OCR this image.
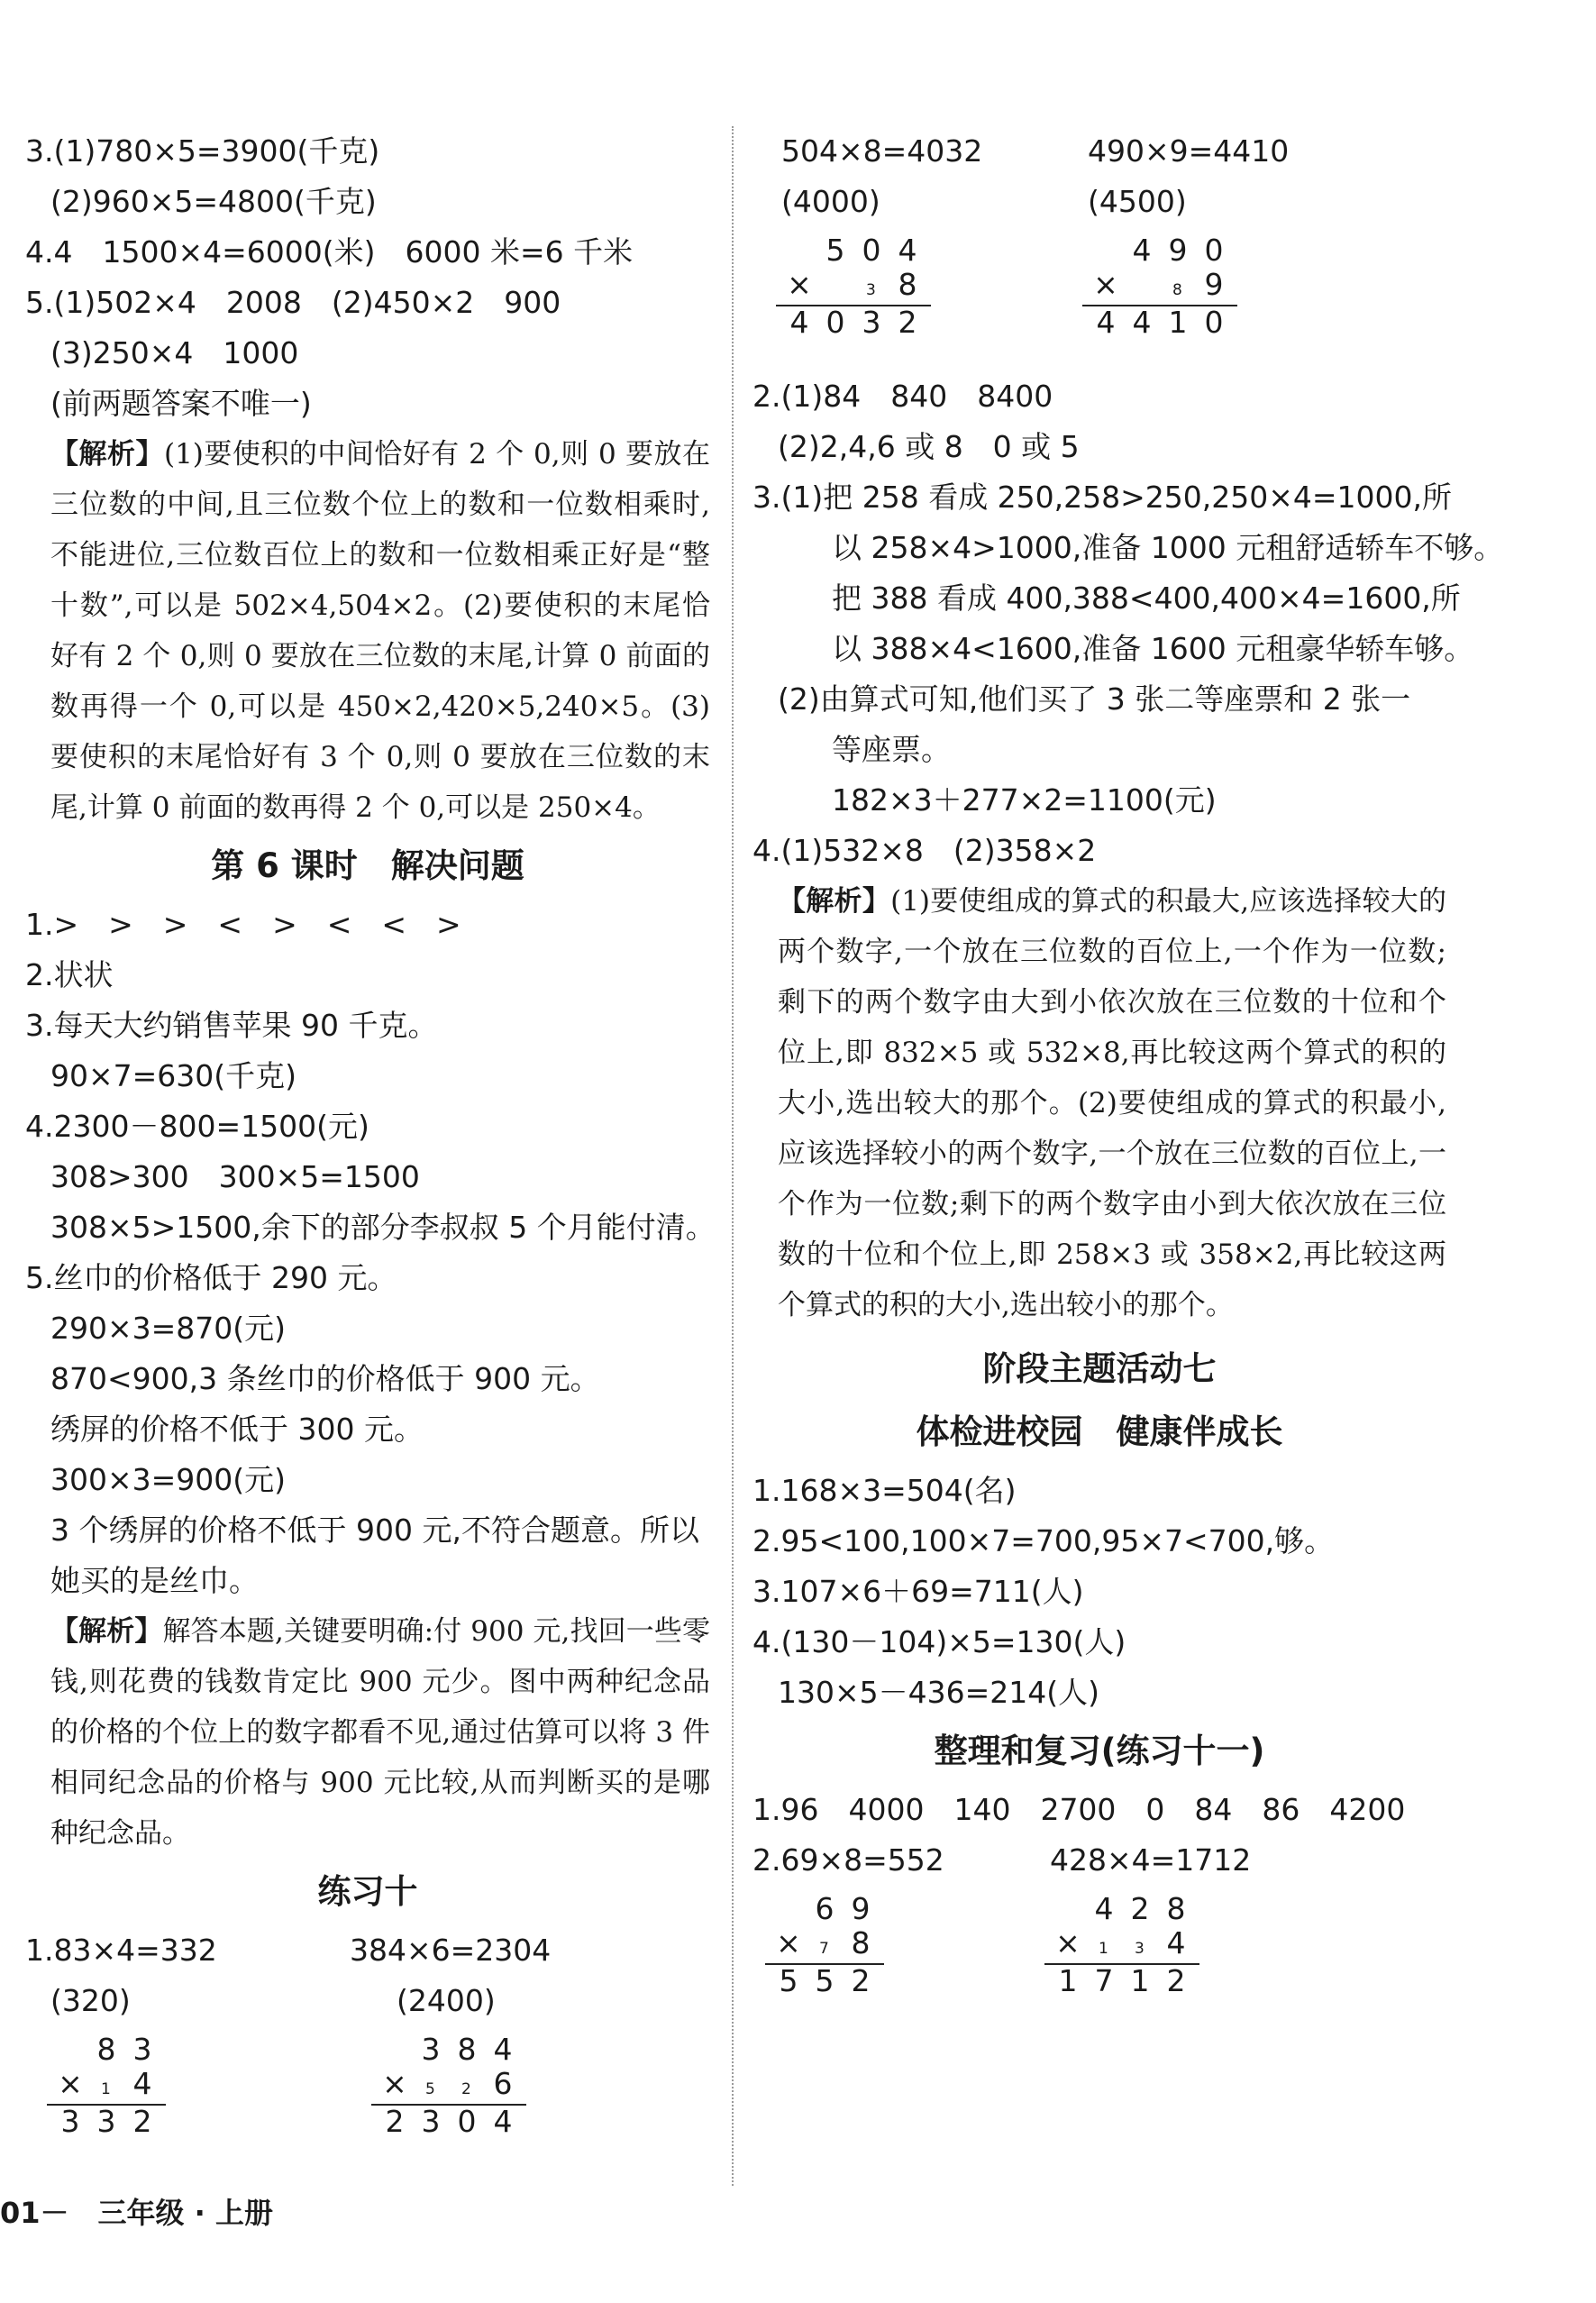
3.(1)780×5=3900(千克)
(2)960×5=4800(千克)
4.4　1500×4=6000(米)　6000 米=6 千米
5.(1)502×4　2008　(2)450×2　900
(3)250×4　1000
(前两题答案不唯一)
【解析】(1)要使积的中间恰好有 2 个 0,则 0 要放在三位数的中间,且三位数个位上的数和一位数相乘时,不能进位,三位数百位上的数和一位数相乘正好是“整十数”,可以是 502×4,504×2。(2)要使积的末尾恰好有 2 个 0,则 0 要放在三位数的末尾,计算 0 前面的数再得一个 0,可以是 450×2,420×5,240×5。(3)要使积的末尾恰好有 3 个 0,则 0 要放在三位数的末尾,计算 0 前面的数再得 2 个 0,可以是 250×4。
第 6 课时　解决问题
1.>　>　>　<　>　<　<　>
2.状状
3.每天大约销售苹果 90 千克。
90×7=630(千克)
4.2300－800=1500(元)
308>300　300×5=1500
308×5>1500,余下的部分李叔叔 5 个月能付清。
5.丝巾的价格低于 290 元。
290×3=870(元)
870<900,3 条丝巾的价格低于 900 元。
绣屏的价格不低于 300 元。
300×3=900(元)
3 个绣屏的价格不低于 900 元,不符合题意。所以
她买的是丝巾。
【解析】解答本题,关键要明确:付 900 元,找回一些零钱,则花费的钱数肯定比 900 元少。图中两种纪念品的价格的个位上的数字都看不见,通过估算可以将 3 件相同纪念品的价格与 900 元比较,从而判断买的是哪种纪念品。
练习十
1.83×4=332	384×6=2304
(320)	(2400)
8 3
×	1 4
3 3 2
3 8 4
×	5 2 6
2 3 0 4
504×8=4032	490×9=4410
(4000)	(4500)
5 0 4
×	3 8
4 0 3 2
4 9 0
×	8 9
4 4 1 0
2.(1)84　840　8400
(2)2,4,6 或 8　0 或 5
3.(1)把 258 看成 250,258>250,250×4=1000,所
以 258×4>1000,准备 1000 元租舒适轿车不够。
把 388 看成 400,388<400,400×4=1600,所
以 388×4<1600,准备 1600 元租豪华轿车够。
(2)由算式可知,他们买了 3 张二等座票和 2 张一
等座票。
182×3＋277×2=1100(元)
4.(1)532×8　(2)358×2
【解析】(1)要使组成的算式的积最大,应该选择较大的两个数字,一个放在三位数的百位上,一个作为一位数;剩下的两个数字由大到小依次放在三位数的十位和个位上,即 832×5 或 532×8,再比较这两个算式的积的大小,选出较大的那个。(2)要使组成的算式的积最小,应该选择较小的两个数字,一个放在三位数的百位上,一个作为一位数;剩下的两个数字由小到大依次放在三位数的十位和个位上,即 258×3 或 358×2,再比较这两个算式的积的大小,选出较小的那个。
阶段主题活动七
体检进校园　健康伴成长
1.168×3=504(名)
2.95<100,100×7=700,95×7<700,够。
3.107×6＋69=711(人)
4.(130－104)×5=130(人)
130×5－436=214(人)
整理和复习(练习十一)
1.96　4000　140　2700　0　84　86　4200
2.69×8=552	428×4=1712
6 9
×	7 8
5 5 2
4 2 8
×	1 3 4
1 7 1 2
01－　三年级 · 上册
